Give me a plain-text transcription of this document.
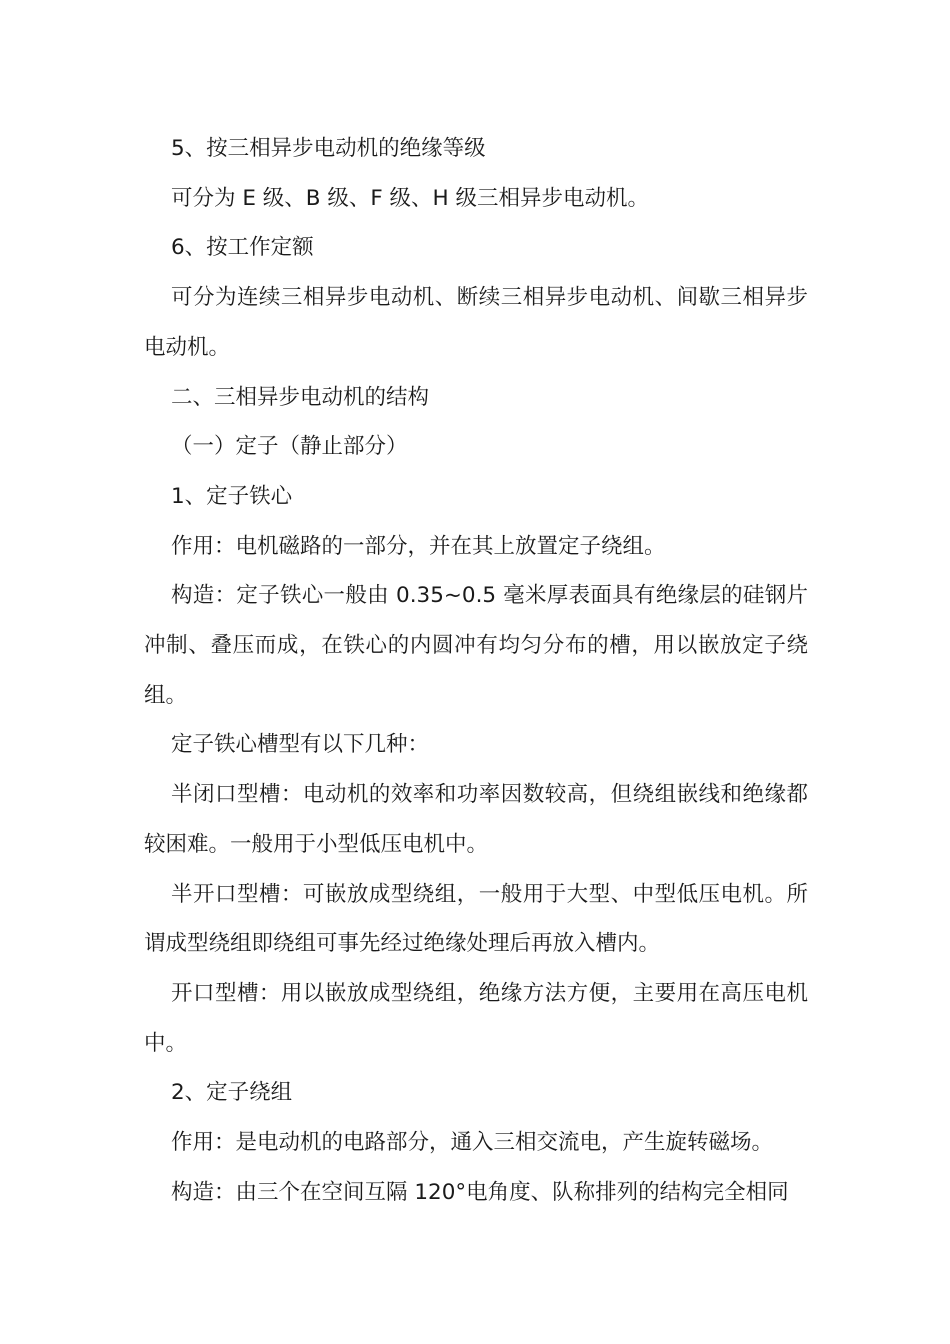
5、按三相异步电动机的绝缘等级

可分为 E 级、B 级、F 级、H 级三相异步电动机。

6、按工作定额

可分为连续三相异步电动机、断续三相异步电动机、间歇三相异步电动机。

二、三相异步电动机的结构

（一）定子（静止部分）

1、定子铁心

作用：电机磁路的一部分，并在其上放置定子绕组。

构造：定子铁心一般由 0.35~0.5 毫米厚表面具有绝缘层的硅钢片冲制、叠压而成，在铁心的内圆冲有均匀分布的槽，用以嵌放定子绕组。

定子铁心槽型有以下几种：

半闭口型槽：电动机的效率和功率因数较高，但绕组嵌线和绝缘都较困难。一般用于小型低压电机中。

半开口型槽：可嵌放成型绕组，一般用于大型、中型低压电机。所谓成型绕组即绕组可事先经过绝缘处理后再放入槽内。

开口型槽：用以嵌放成型绕组，绝缘方法方便，主要用在高压电机中。

2、定子绕组

作用：是电动机的电路部分，通入三相交流电，产生旋转磁场。

构造：由三个在空间互隔 120°电角度、队称排列的结构完全相同
